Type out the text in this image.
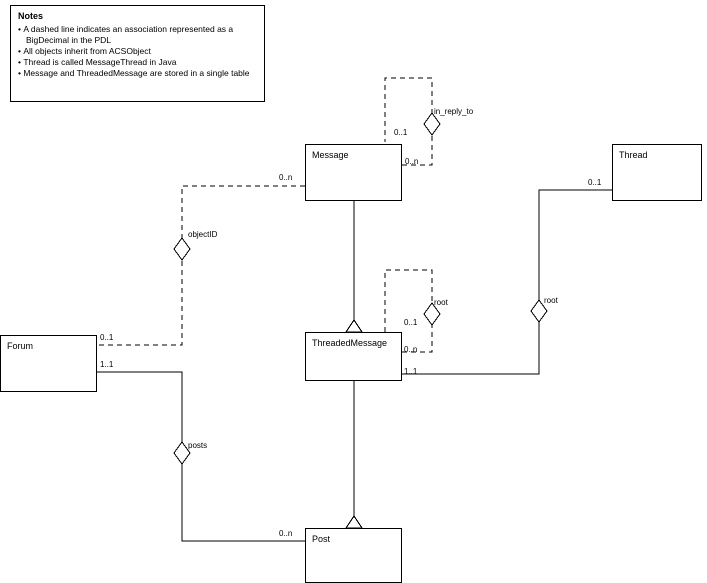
Notes
• A dashed line indicates an association represented as a BigDecimal in the PDL
• All objects inherit from ACSObject
• Thread is called MessageThread in Java
• Message and ThreadedMessage are stored in a single table
Message	Thread
Forum	ThreadedMessage
Post
in_reply_to
objectID
root	root
posts
0..1
0..n
0..n
0..1
0..1
0..1
0..n
1..1
1..1
0..n
